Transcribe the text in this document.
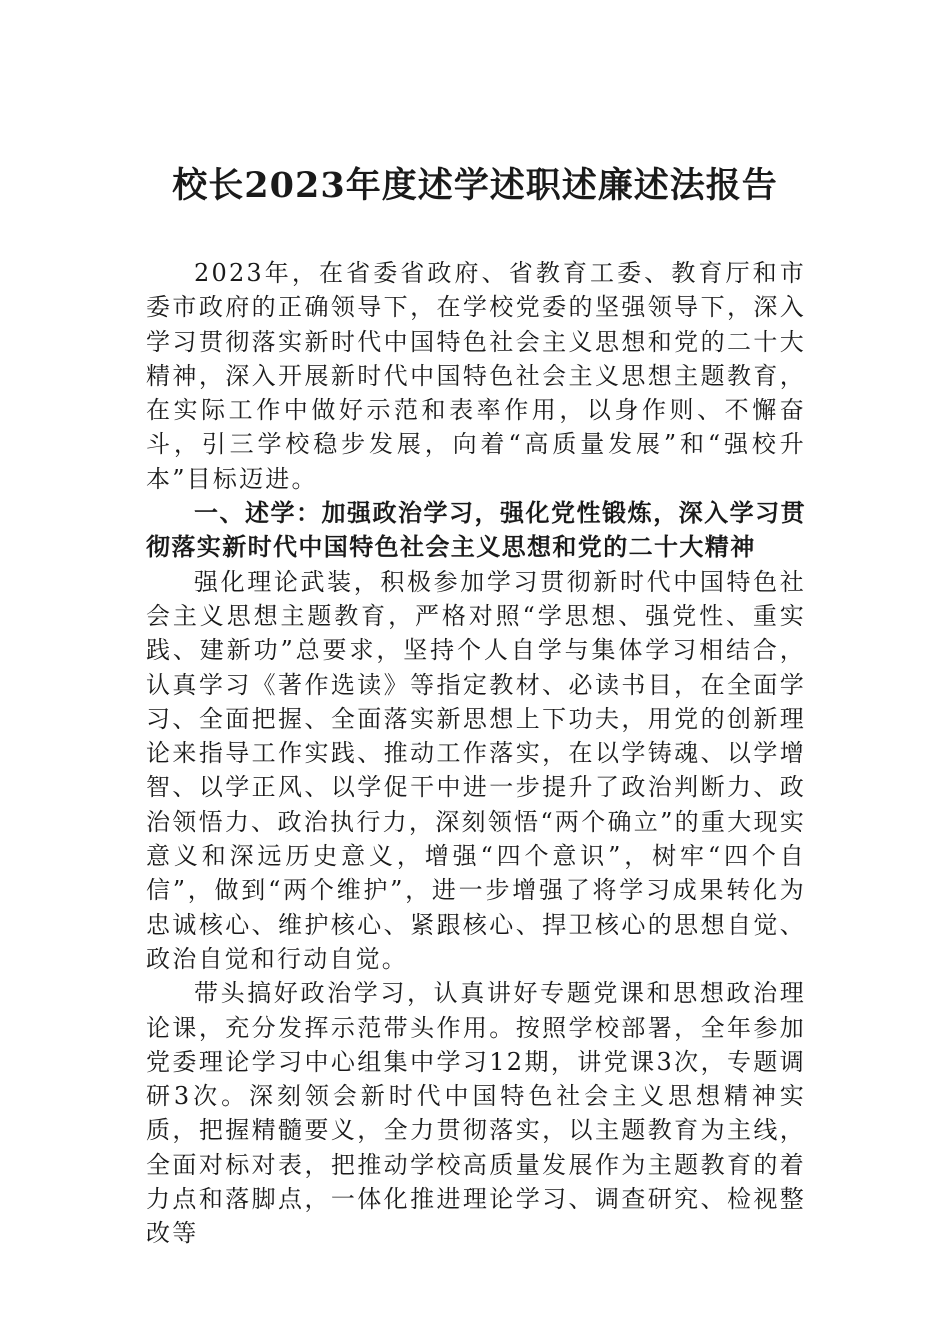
校长2023年度述学述职述廉述法报告

2023年，在省委省政府、省教育工委、教育厅和市委市政府的正确领导下，在学校党委的坚强领导下，深入学习贯彻落实新时代中国特色社会主义思想和党的二十大精神，深入开展新时代中国特色社会主义思想主题教育，在实际工作中做好示范和表率作用，以身作则、不懈奋斗，引三学校稳步发展，向着“高质量发展”和“强校升本”目标迈进。

一、述学：加强政治学习，强化党性锻炼，深入学习贯彻落实新时代中国特色社会主义思想和党的二十大精神

强化理论武装，积极参加学习贯彻新时代中国特色社会主义思想主题教育，严格对照“学思想、强党性、重实践、建新功”总要求，坚持个人自学与集体学习相结合，认真学习《著作选读》等指定教材、必读书目，在全面学习、全面把握、全面落实新思想上下功夫，用党的创新理论来指导工作实践、推动工作落实，在以学铸魂、以学增智、以学正风、以学促干中进一步提升了政治判断力、政治领悟力、政治执行力，深刻领悟“两个确立”的重大现实意义和深远历史意义，增强“四个意识”，树牢“四个自信”，做到“两个维护”，进一步增强了将学习成果转化为忠诚核心、维护核心、紧跟核心、捍卫核心的思想自觉、政治自觉和行动自觉。

带头搞好政治学习，认真讲好专题党课和思想政治理论课，充分发挥示范带头作用。按照学校部署，全年参加党委理论学习中心组集中学习12期，讲党课3次，专题调研3次。深刻领会新时代中国特色社会主义思想精神实质，把握精髓要义，全力贯彻落实，以主题教育为主线，全面对标对表，把推动学校高质量发展作为主题教育的着力点和落脚点，一体化推进理论学习、调查研究、检视整改等
